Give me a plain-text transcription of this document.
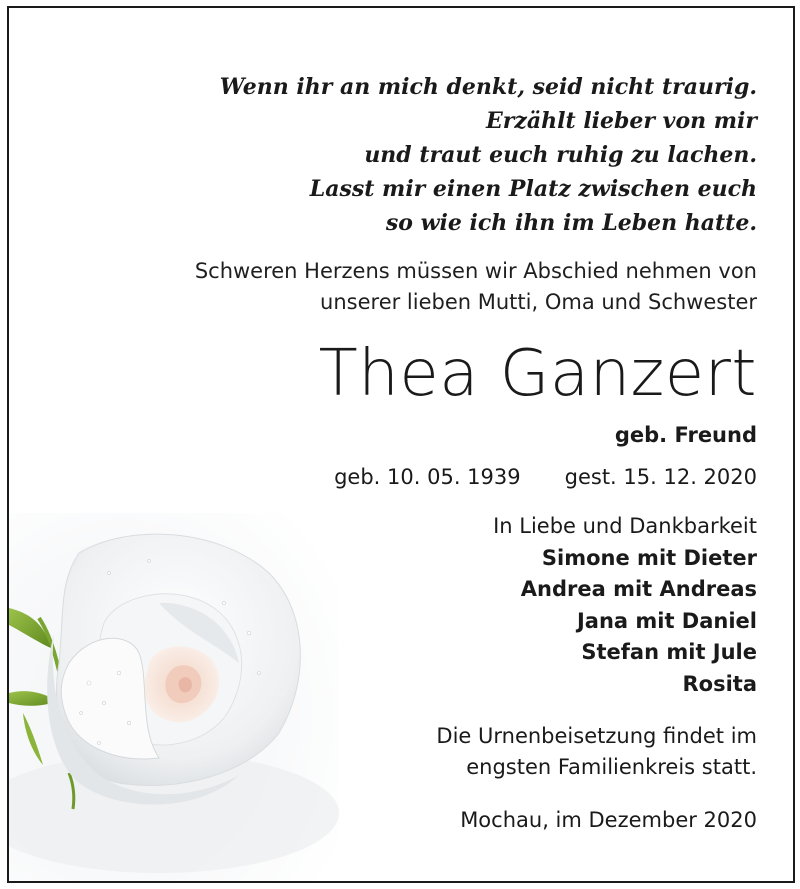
Wenn ihr an mich denkt, seid nicht traurig.
Erzählt lieber von mir
und traut euch ruhig zu lachen.
Lasst mir einen Platz zwischen euch
so wie ich ihn im Leben hatte.
Schweren Herzens müssen wir Abschied nehmen von
unserer lieben Mutti, Oma und Schwester
Thea Ganzert
geb. Freund
geb. 10. 05. 1939 gest. 15. 12. 2020
In Liebe und Dankbarkeit
Simone mit Dieter
Andrea mit Andreas
Jana mit Daniel
Stefan mit Jule
Rosita
Die Urnenbeisetzung findet im
engsten Familienkreis statt.
Mochau, im Dezember 2020
